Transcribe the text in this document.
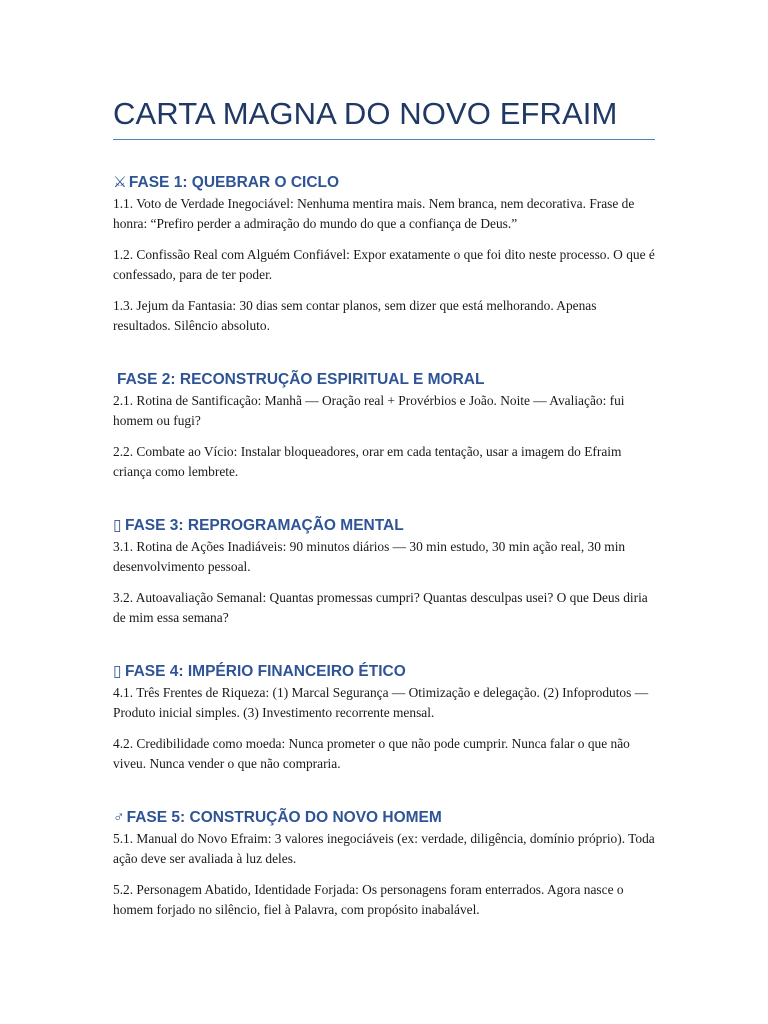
CARTA MAGNA DO NOVO EFRAIM
⚔ FASE 1: QUEBRAR O CICLO

1.1. Voto de Verdade Inegociável: Nenhuma mentira mais. Nem branca, nem decorativa. Frase de honra: “Prefiro perder a admiração do mundo do que a confiança de Deus.”

1.2. Confissão Real com Alguém Confiável: Expor exatamente o que foi dito neste processo. O que é confessado, para de ter poder.

1.3. Jejum da Fantasia: 30 dias sem contar planos, sem dizer que está melhorando. Apenas resultados. Silêncio absoluto.

FASE 2: RECONSTRUÇÃO ESPIRITUAL E MORAL

2.1. Rotina de Santificação: Manhã — Oração real + Provérbios e João. Noite — Avaliação: fui homem ou fugi?

2.2. Combate ao Vício: Instalar bloqueadores, orar em cada tentação, usar a imagem do Efraim criança como lembrete.

▯ FASE 3: REPROGRAMAÇÃO MENTAL

3.1. Rotina de Ações Inadiáveis: 90 minutos diários — 30 min estudo, 30 min ação real, 30 min desenvolvimento pessoal.

3.2. Autoavaliação Semanal: Quantas promessas cumpri? Quantas desculpas usei? O que Deus diria de mim essa semana?

▯ FASE 4: IMPÉRIO FINANCEIRO ÉTICO

4.1. Três Frentes de Riqueza: (1) Marcal Segurança — Otimização e delegação. (2) Infoprodutos — Produto inicial simples. (3) Investimento recorrente mensal.

4.2. Credibilidade como moeda: Nunca prometer o que não pode cumprir. Nunca falar o que não viveu. Nunca vender o que não compraria.

♂ FASE 5: CONSTRUÇÃO DO NOVO HOMEM

5.1. Manual do Novo Efraim: 3 valores inegociáveis (ex: verdade, diligência, domínio próprio). Toda ação deve ser avaliada à luz deles.

5.2. Personagem Abatido, Identidade Forjada: Os personagens foram enterrados. Agora nasce o homem forjado no silêncio, fiel à Palavra, com propósito inabalável.
